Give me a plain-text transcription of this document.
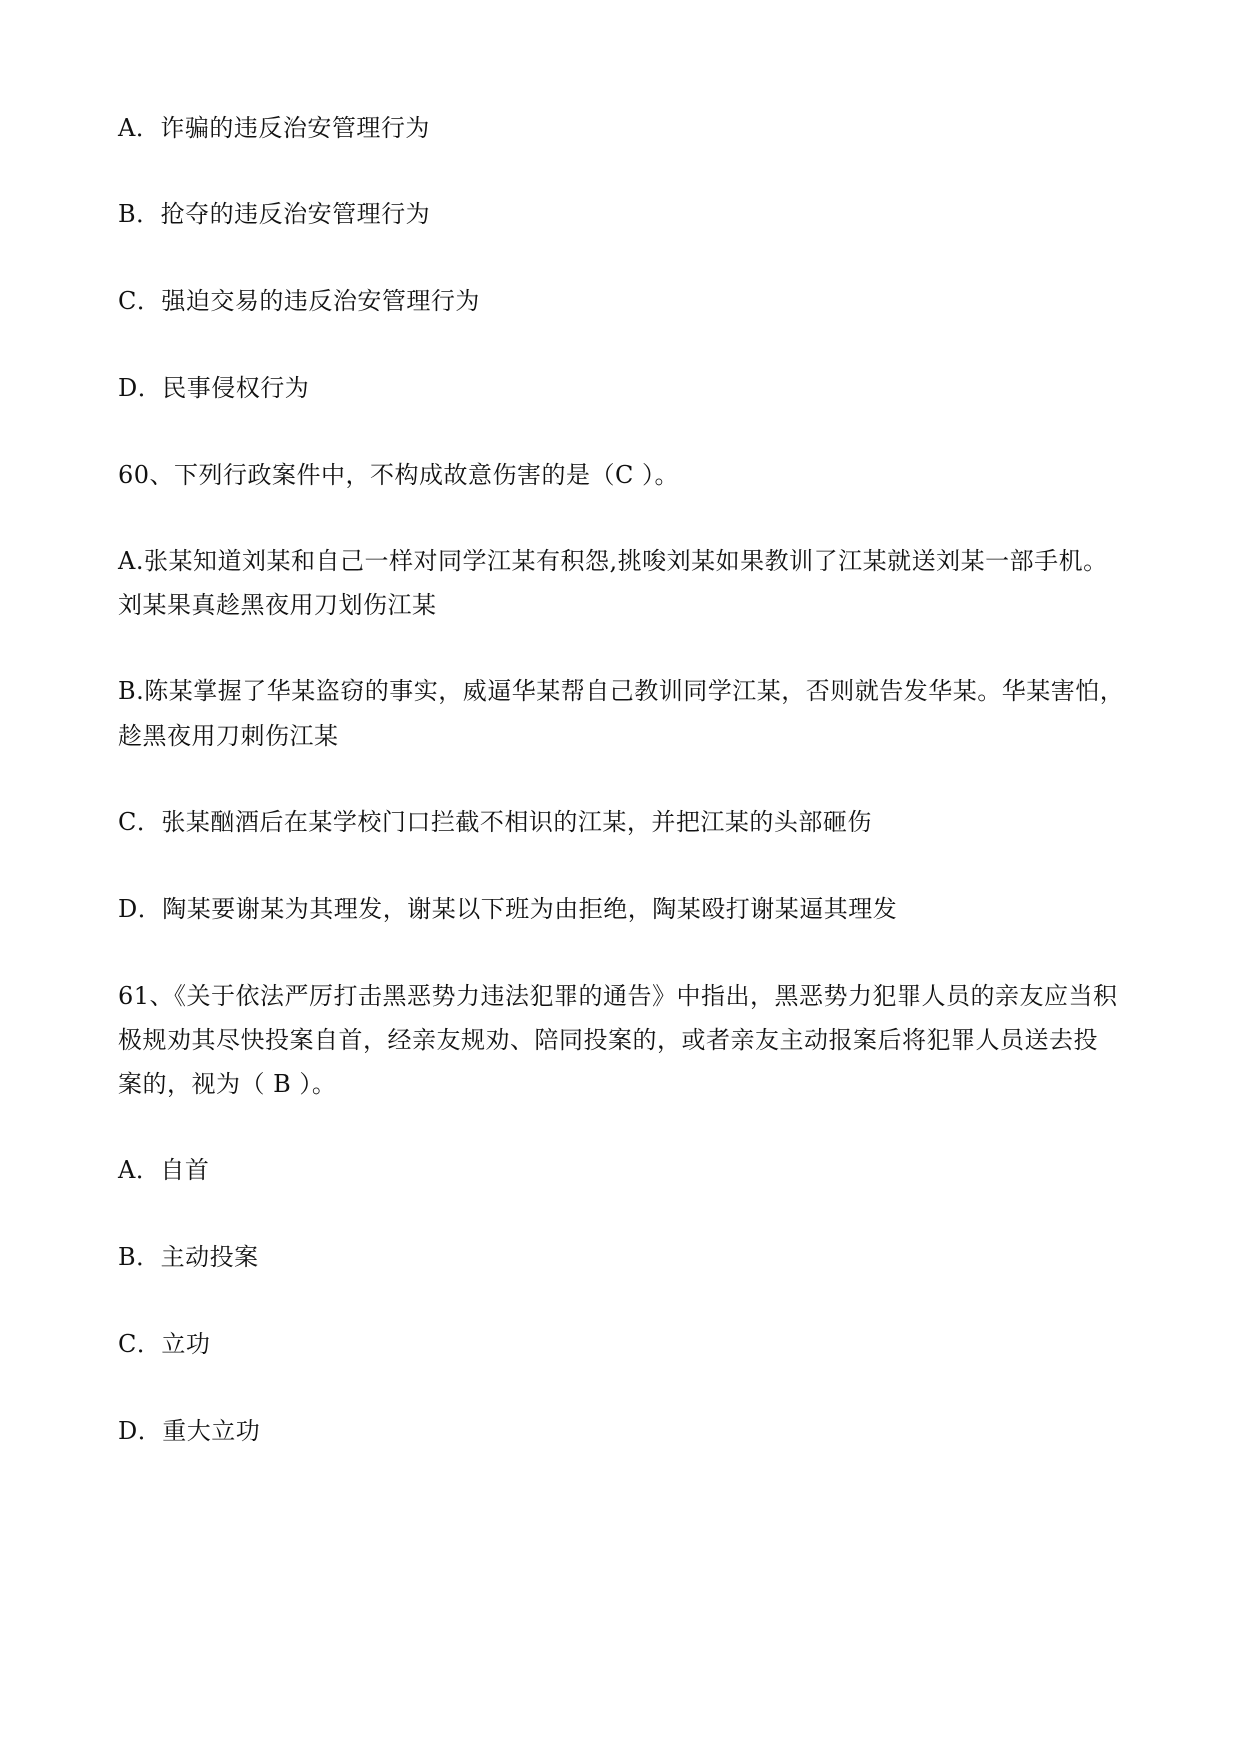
A．诈骗的违反治安管理行为
B．抢夺的违反治安管理行为
C．强迫交易的违反治安管理行为
D．民事侵权行为
60、下列行政案件中，不构成故意伤害的是（C ）。
A.张某知道刘某和自己一样对同学江某有积怨,挑唆刘某如果教训了江某就送刘某一部手机。
刘某果真趁黑夜用刀划伤江某
B.陈某掌握了华某盗窃的事实，威逼华某帮自己教训同学江某，否则就告发华某。华某害怕，
趁黑夜用刀刺伤江某
C．张某酗酒后在某学校门口拦截不相识的江某，并把江某的头部砸伤
D．陶某要谢某为其理发，谢某以下班为由拒绝，陶某殴打谢某逼其理发
61、《关于依法严厉打击黑恶势力违法犯罪的通告》中指出，黑恶势力犯罪人员的亲友应当积
极规劝其尽快投案自首，经亲友规劝、陪同投案的，或者亲友主动报案后将犯罪人员送去投
案的，视为（ B ）。
A．自首
B．主动投案
C．立功
D．重大立功
